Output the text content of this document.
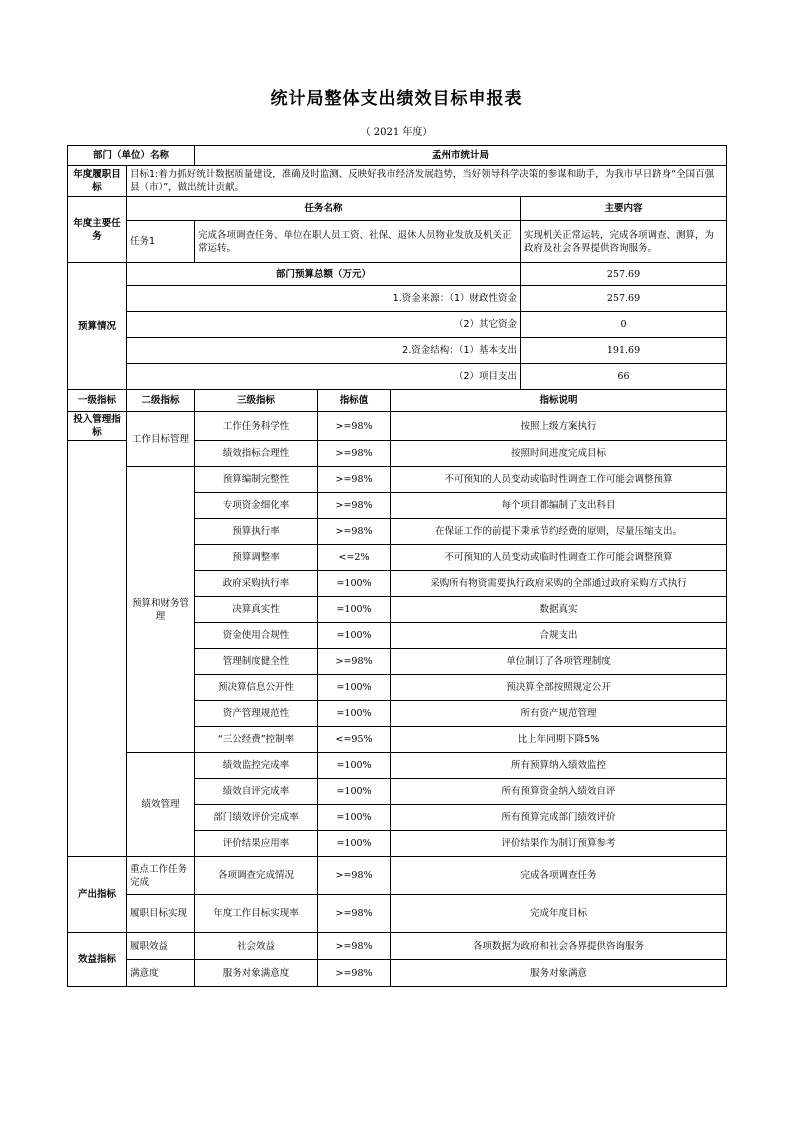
统计局整体支出绩效目标申报表
（ 2021 年度）
部门（单位）名称		孟州市统计局			
年度履职目标	目标1:着力抓好统计数据质量建设，准确及时监测、反映好我市经济发展趋势，当好领导科学决策的参谋和助手，为我市早日跻身“全国百强县（市）”，做出统计贡献。				
年度主要任务	任务名称				主要内容
	任务1	完成各项调查任务、单位在职人员工资、社保、退休人员物业发放及机关正常运转。			实现机关正常运转，完成各项调查、测算，为政府及社会各界提供咨询服务。
预算情况	部门预算总额（万元）				257.69
	1.资金来源：（1）财政性资金				257.69
	（2）其它资金				0
	2.资金结构：（1）基本支出				191.69
	（2）项目支出				66
一级指标	二级指标	三级指标	指标值	指标说明	
投入管理指标	工作目标管理	工作任务科学性	>=98%	按照上级方案执行	
		绩效指标合理性	>=98%	按照时间进度完成目标	
	预算和财务管理	预算编制完整性	>=98%	不可预知的人员变动或临时性调查工作可能会调整预算	
		专项资金细化率	>=98%	每个项目都编制了支出科目	
		预算执行率	>=98%	在保证工作的前提下秉承节约经费的原则，尽量压缩支出。	
		预算调整率	<=2%	不可预知的人员变动或临时性调查工作可能会调整预算	
		政府采购执行率	=100%	采购所有物资需要执行政府采购的全部通过政府采购方式执行	
		决算真实性	=100%	数据真实	
		资金使用合规性	=100%	合规支出	
		管理制度健全性	>=98%	单位制订了各项管理制度	
		预决算信息公开性	=100%	预决算全部按照规定公开	
		资产管理规范性	=100%	所有资产规范管理	
		“三公经费”控制率	<=95%	比上年同期下降5%	
	绩效管理	绩效监控完成率	=100%	所有预算纳入绩效监控	
		绩效自评完成率	=100%	所有预算资金纳入绩效自评	
		部门绩效评价完成率	=100%	所有预算完成部门绩效评价	
		评价结果应用率	=100%	评价结果作为制订预算参考	
产出指标	重点工作任务完成	各项调查完成情况	>=98%	完成各项调查任务	
	履职目标实现	年度工作目标实现率	>=98%	完成年度目标	
效益指标	履职效益	社会效益	>=98%	各项数据为政府和社会各界提供咨询服务	
	满意度	服务对象满意度	>=98%	服务对象满意	
